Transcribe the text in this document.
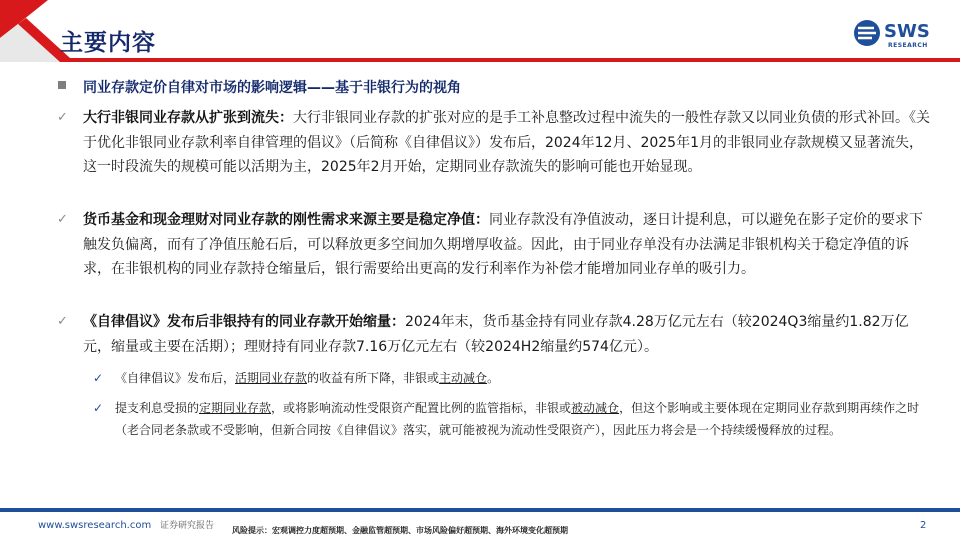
主要内容	SWS
RESEARCH
同业存款定价自律对市场的影响逻辑——基于非银行为的视角
✓ 大行非银同业存款从扩张到流失：大行非银同业存款的扩张对应的是手工补息整改过程中流失的一般性存款又以同业负债的形式补回。《关于优化非银同业存款利率自律管理的倡议》（后简称《自律倡议》）发布后，2024年12月、2025年1月的非银同业存款规模又显著流失，这一时段流失的规模可能以活期为主，2025年2月开始，定期同业存款流失的影响可能也开始显现。
✓ 货币基金和现金理财对同业存款的刚性需求来源主要是稳定净值：同业存款没有净值波动，逐日计提利息，可以避免在影子定价的要求下触发负偏离，而有了净值压舱石后，可以释放更多空间加久期增厚收益。因此，由于同业存单没有办法满足非银机构关于稳定净值的诉求，在非银机构的同业存款持仓缩量后，银行需要给出更高的发行利率作为补偿才能增加同业存单的吸引力。
✓ 《自律倡议》发布后非银持有的同业存款开始缩量：2024年末，货币基金持有同业存款4.28万亿元左右（较2024Q3缩量约1.82万亿元，缩量或主要在活期）；理财持有同业存款7.16万亿元左右（较2024H2缩量约574亿元）。
✓ 《自律倡议》发布后，活期同业存款的收益有所下降，非银或主动减仓。
✓ 提支利息受损的定期同业存款，或将影响流动性受限资产配置比例的监管指标，非银或被动减仓，但这个影响或主要体现在定期同业存款到期再续作之时（老合同老条款或不受影响，但新合同按《自律倡议》落实，就可能被视为流动性受限资产），因此压力将会是一个持续缓慢释放的过程。
www.swsresearch.com 证券研究报告 风险提示：宏观调控力度超预期、金融监管超预期、市场风险偏好超预期、海外环境变化超预期	2
